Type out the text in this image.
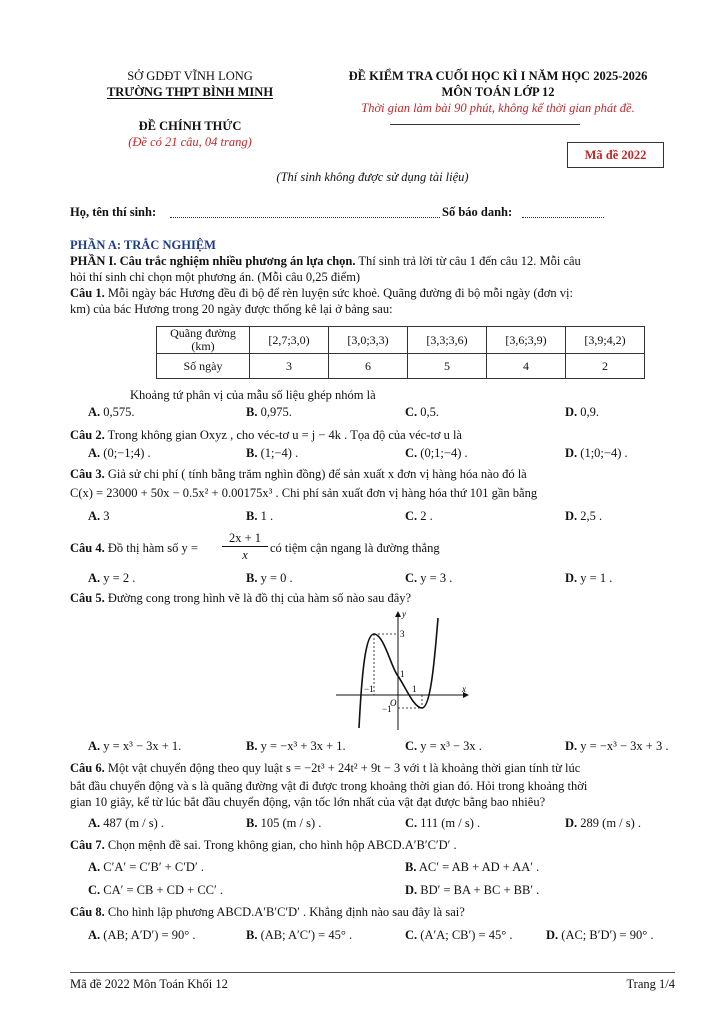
SỞ GDĐT VĨNH LONG
TRƯỜNG THPT BÌNH MINH
ĐỀ CHÍNH THỨC
(Đề có 21 câu, 04 trang)
ĐỀ KIỂM TRA CUỐI HỌC KÌ I NĂM HỌC 2025-2026
MÔN TOÁN LỚP 12
Thời gian làm bài 90 phút, không kể thời gian phát đề.
Mã đề 2022
(Thí sinh không được sử dụng tài liệu)
Họ, tên thí sinh:	Số báo danh:
PHẦN A: TRẮC NGHIỆM
PHẦN I. Câu trắc nghiệm nhiều phương án lựa chọn. Thí sinh trả lời từ câu 1 đến câu 12. Mỗi câu
hỏi thí sinh chỉ chọn một phương án. (Mỗi câu 0,25 điểm)
Câu 1. Mỗi ngày bác Hương đều đi bộ để rèn luyện sức khoẻ. Quãng đường đi bộ mỗi ngày (đơn vị:
km) của bác Hương trong 20 ngày được thống kê lại ở bảng sau:
Quãng đường (km)	[2,7;3,0)	[3,0;3,3)	[3,3;3,6)	[3,6;3,9)	[3,9;4,2)
Số ngày	3	6	5	4	2
Khoảng tứ phân vị của mẫu số liệu ghép nhóm là
A. 0,575.	B. 0,975.	C. 0,5.	D. 0,9.
Câu 2. Trong không gian Oxyz , cho véc-tơ u = j − 4k . Tọa độ của véc-tơ u là
A. (0;−1;4) .	B. (1;−4) .	C. (0;1;−4) .	D. (1;0;−4) .
Câu 3. Giả sử chi phí ( tính bằng trăm nghìn đồng) để sản xuất x đơn vị hàng hóa nào đó là
C(x) = 23000 + 50x − 0.5x² + 0.00175x³ . Chi phí sản xuất đơn vị hàng hóa thứ 101 gần bằng
A. 3	B. 1 .	C. 2 .	D. 2,5 .
Câu 4. Đồ thị hàm số $y = \frac{2x + 1}{x}$ có tiệm cận ngang là đường thẳng
A. y = 2 .	B. y = 0 .	C. y = 3 .	D. y = 1 .
Câu 5. Đường cong trong hình vẽ là đồ thị của hàm số nào sau đây?
y
x
O
3
1
−1
−1	1
A. y = x³ − 3x + 1.	B. y = −x³ + 3x + 1.	C. y = x³ − 3x .	D. y = −x³ − 3x + 3 .
Câu 6. Một vật chuyển động theo quy luật s = −2t³ + 24t² + 9t − 3 với t là khoảng thời gian tính từ lúc
bắt đầu chuyển động và s là quãng đường vật đi được trong khoảng thời gian đó. Hỏi trong khoảng thời
gian 10 giây, kể từ lúc bắt đầu chuyển động, vận tốc lớn nhất của vật đạt được bằng bao nhiêu?
A. 487 (m / s) .	B. 105 (m / s) .	C. 111 (m / s) .	D. 289 (m / s) .
Câu 7. Chọn mệnh đề sai. Trong không gian, cho hình hộp ABCD.A′B′C′D′ .
A. C′A′ = C′B′ + C′D′ .	B. AC′ = AB + AD + AA′ .
C. CA′ = CB + CD + CC′ .	D. BD′ = BA + BC + BB′ .
Câu 8. Cho hình lập phương ABCD.A′B′C′D′ . Khẳng định nào sau đây là sai?
A. (AB; A′D′) = 90° .	B. (AB; A′C′) = 45° .	C. (A′A; CB′) = 45° .	D. (AC; B′D′) = 90° .
Mã đề 2022 Môn Toán Khối 12	Trang 1/4
